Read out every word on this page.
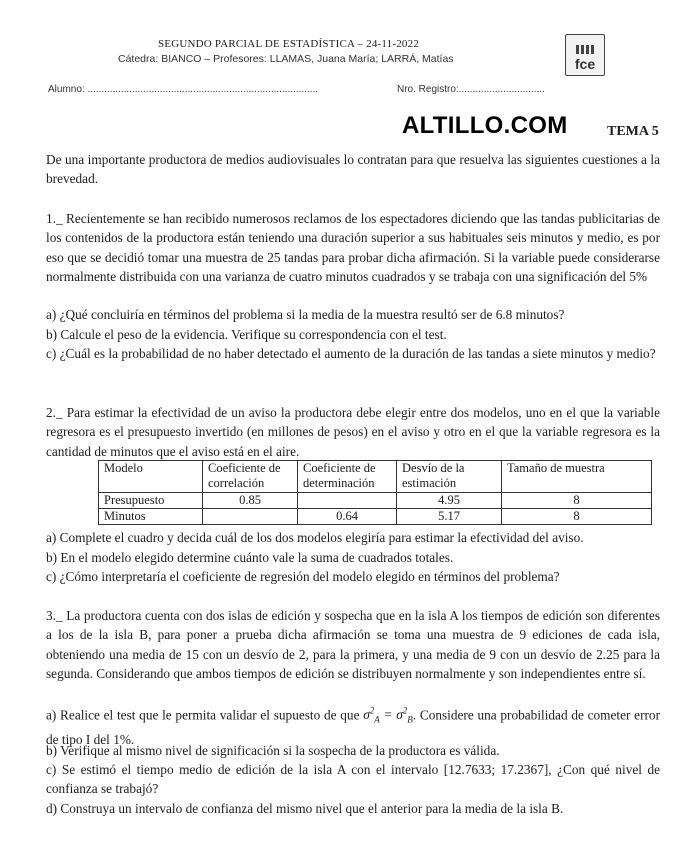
SEGUNDO PARCIAL DE ESTADÍSTICA – 24-11-2022
Cátedra: BIANCO – Profesores: LLAMAS, Juana María; LARRÁ, Matías
Alumno: ...................................................................................	Nro. Registro:...............................
fce
ALTILLO.COM	TEMA 5
De una importante productora de medios audiovisuales lo contratan para que resuelva las siguientes cuestiones a la brevedad.
1._ Recientemente se han recibido numerosos reclamos de los espectadores diciendo que las tandas publicitarias de los contenidos de la productora están teniendo una duración superior a sus habituales seis minutos y medio, es por eso que se decidió tomar una muestra de 25 tandas para probar dicha afirmación. Si la variable puede considerarse normalmente distribuida con una varianza de cuatro minutos cuadrados y se trabaja con una significación del 5%
a) ¿Qué concluiría en términos del problema si la media de la muestra resultó ser de 6.8 minutos?
b) Calcule el peso de la evidencia. Verifique su correspondencia con el test.
c) ¿Cuál es la probabilidad de no haber detectado el aumento de la duración de las tandas a siete minutos y medio?
2._ Para estimar la efectividad de un aviso la productora debe elegir entre dos modelos, uno en el que la variable regresora es el presupuesto invertido (en millones de pesos) en el aviso y otro en el que la variable regresora es la cantidad de minutos que el aviso está en el aire.
Modelo	Coeficiente de correlación	Coeficiente de determinación	Desvío de la estimación	Tamaño de muestra
Presupuesto	0.85		4.95	8
Minutos		0.64	5.17	8
a) Complete el cuadro y decida cuál de los dos modelos elegiría para estimar la efectividad del aviso.
b) En el modelo elegido determine cuánto vale la suma de cuadrados totales.
c) ¿Cómo interpretaría el coeficiente de regresión del modelo elegido en términos del problema?
3._ La productora cuenta con dos islas de edición y sospecha que en la isla A los tiempos de edición son diferentes a los de la isla B, para poner a prueba dicha afirmación se toma una muestra de 9 ediciones de cada isla, obteniendo una media de 15 con un desvío de 2, para la primera, y una media de 9 con un desvío de 2.25 para la segunda. Considerando que ambos tiempos de edición se distribuyen normalmente y son independientes entre sí.
a) Realice el test que le permita validar el supuesto de que $\sigma^2_A = \sigma^2_B$. Considere una probabilidad de cometer error de tipo I del 1%.
b) Verifique al mismo nivel de significación si la sospecha de la productora es válida.
c) Se estimó el tiempo medio de edición de la isla A con el intervalo [12.7633; 17.2367], ¿Con qué nivel de confianza se trabajó?
d) Construya un intervalo de confianza del mismo nivel que el anterior para la media de la isla B.
